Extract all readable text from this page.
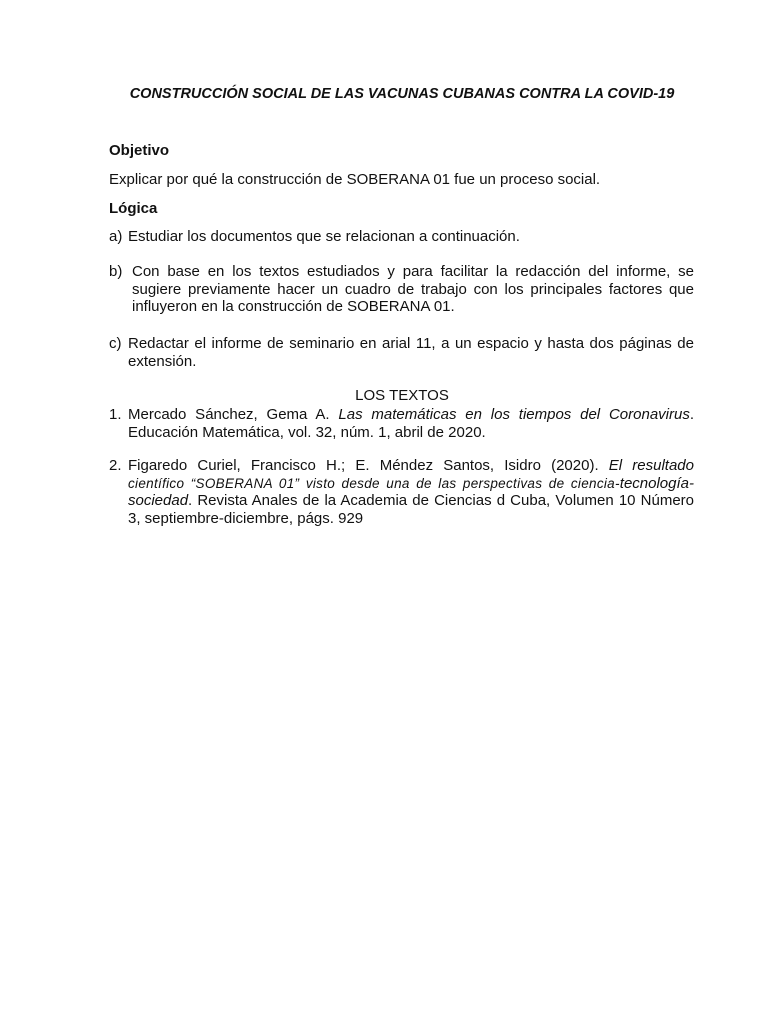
CONSTRUCCIÓN SOCIAL DE LAS VACUNAS CUBANAS CONTRA LA COVID-19

Objetivo

Explicar por qué la construcción de SOBERANA 01 fue un proceso social.

Lógica

a) Estudiar los documentos que se relacionan a continuación.
b) Con base en los textos estudiados y para facilitar la redacción del informe, se sugiere previamente hacer un cuadro de trabajo con los principales factores que influyeron en la construcción de SOBERANA 01.
c) Redactar el informe de seminario en arial 11, a un espacio y hasta dos páginas de extensión.

LOS TEXTOS

1. Mercado Sánchez, Gema A. Las matemáticas en los tiempos del Coronavirus. Educación Matemática, vol. 32, núm. 1, abril de 2020.
2. Figaredo Curiel, Francisco H.; E. Méndez Santos, Isidro (2020). El resultado científico “SOBERANA 01” visto desde una de las perspectivas de ciencia-tecnología-sociedad. Revista Anales de la Academia de Ciencias d Cuba, Volumen 10 Número 3, septiembre-diciembre, págs. 929
